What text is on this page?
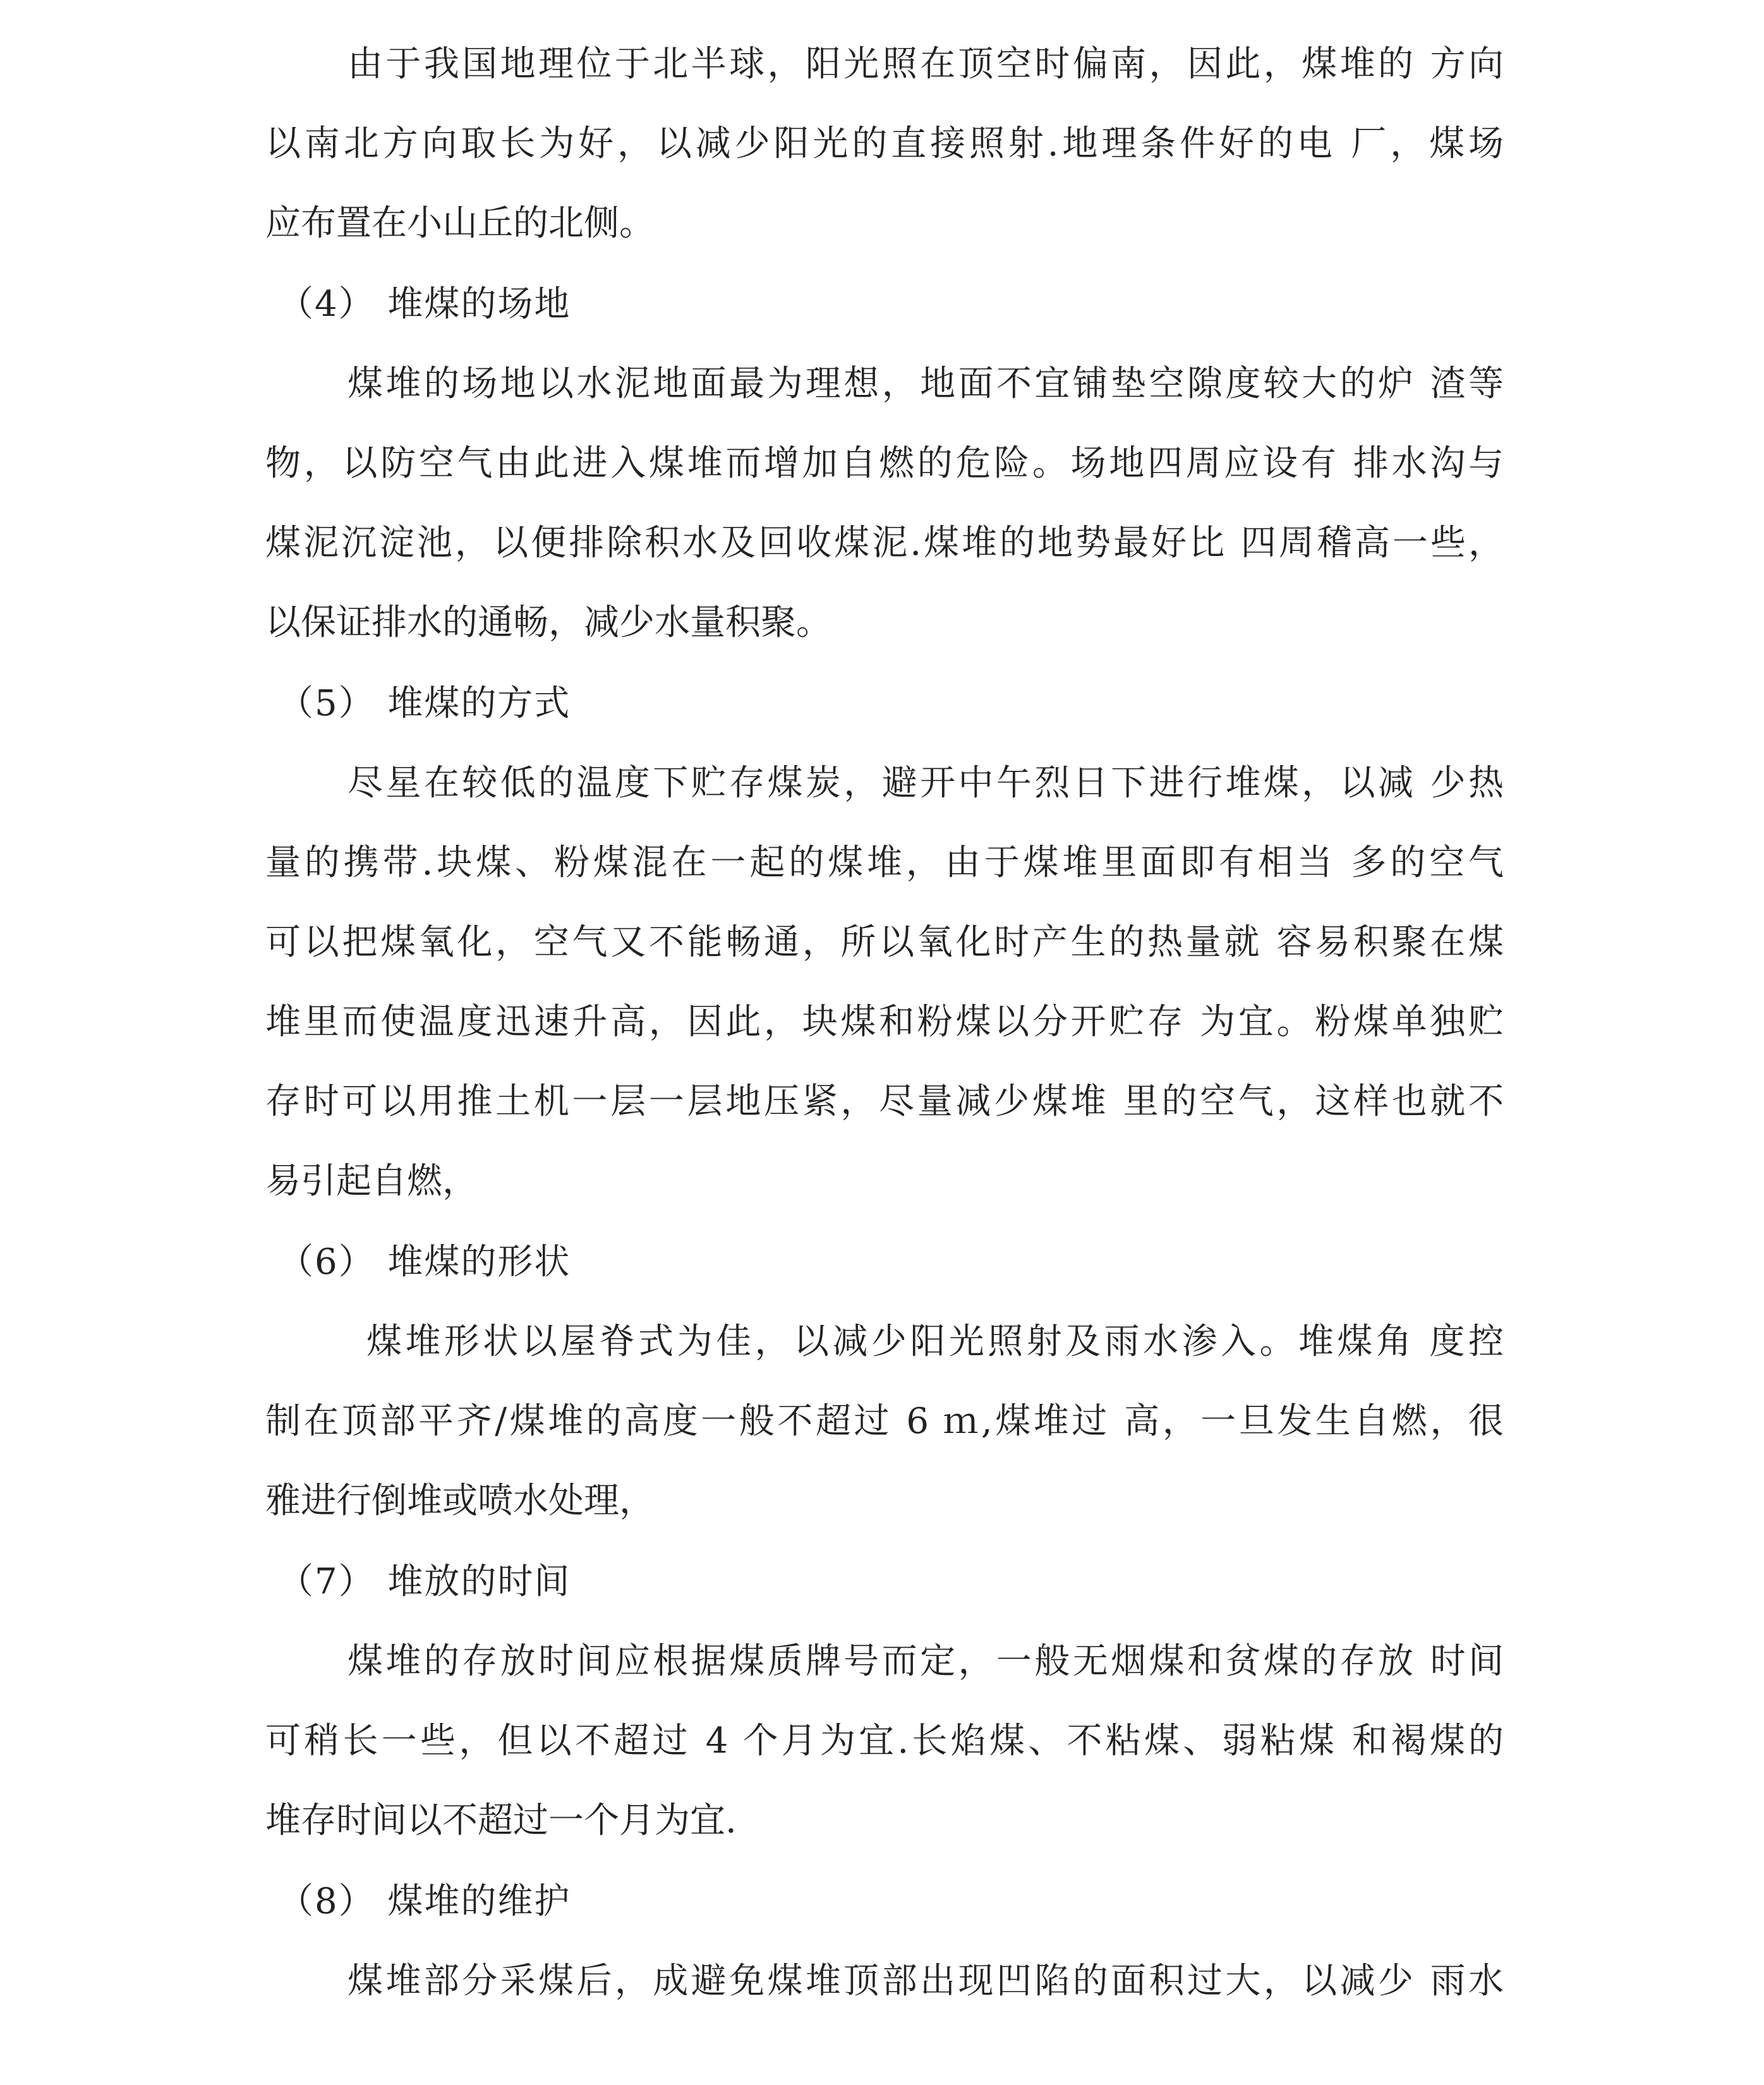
由于我国地理位于北半球，阳光照在顶空时偏南，因此，煤堆的 方向
以南北方向取长为好，以减少阳光的直接照射.地理条件好的电 厂，煤场
应布置在小山丘的北侧。
（4） 堆煤的场地
煤堆的场地以水泥地面最为理想，地面不宜铺垫空隙度较大的炉 渣等
物，以防空气由此进入煤堆而增加自燃的危险。场地四周应设有 排水沟与
煤泥沉淀池，以便排除积水及回收煤泥.煤堆的地势最好比 四周稽高一些，
以保证排水的通畅，减少水量积聚。
（5） 堆煤的方式
尽星在较低的温度下贮存煤炭，避开中午烈日下进行堆煤，以减 少热
量的携带.块煤、粉煤混在一起的煤堆，由于煤堆里面即有相当 多的空气
可以把煤氧化，空气又不能畅通，所以氧化时产生的热量就 容易积聚在煤
堆里而使温度迅速升高，因此，块煤和粉煤以分开贮存 为宜。粉煤单独贮
存时可以用推土机一层一层地压紧，尽量减少煤堆 里的空气，这样也就不
易引起自燃，
（6） 堆煤的形状
煤堆形状以屋脊式为佳，以减少阳光照射及雨水渗入。堆煤角 度控
制在顶部平齐/煤堆的高度一般不超过 6 ｍ,煤堆过 高，一旦发生自燃，很
雅进行倒堆或喷水处理，
（7） 堆放的时间
煤堆的存放时间应根据煤质牌号而定，一般无烟煤和贫煤的存放 时间
可稍长一些，但以不超过 4 个月为宜.长焰煤、不粘煤、弱粘煤 和褐煤的
堆存时间以不超过一个月为宜.
（8） 煤堆的维护
煤堆部分采煤后，成避免煤堆顶部出现凹陷的面积过大，以减少 雨水
